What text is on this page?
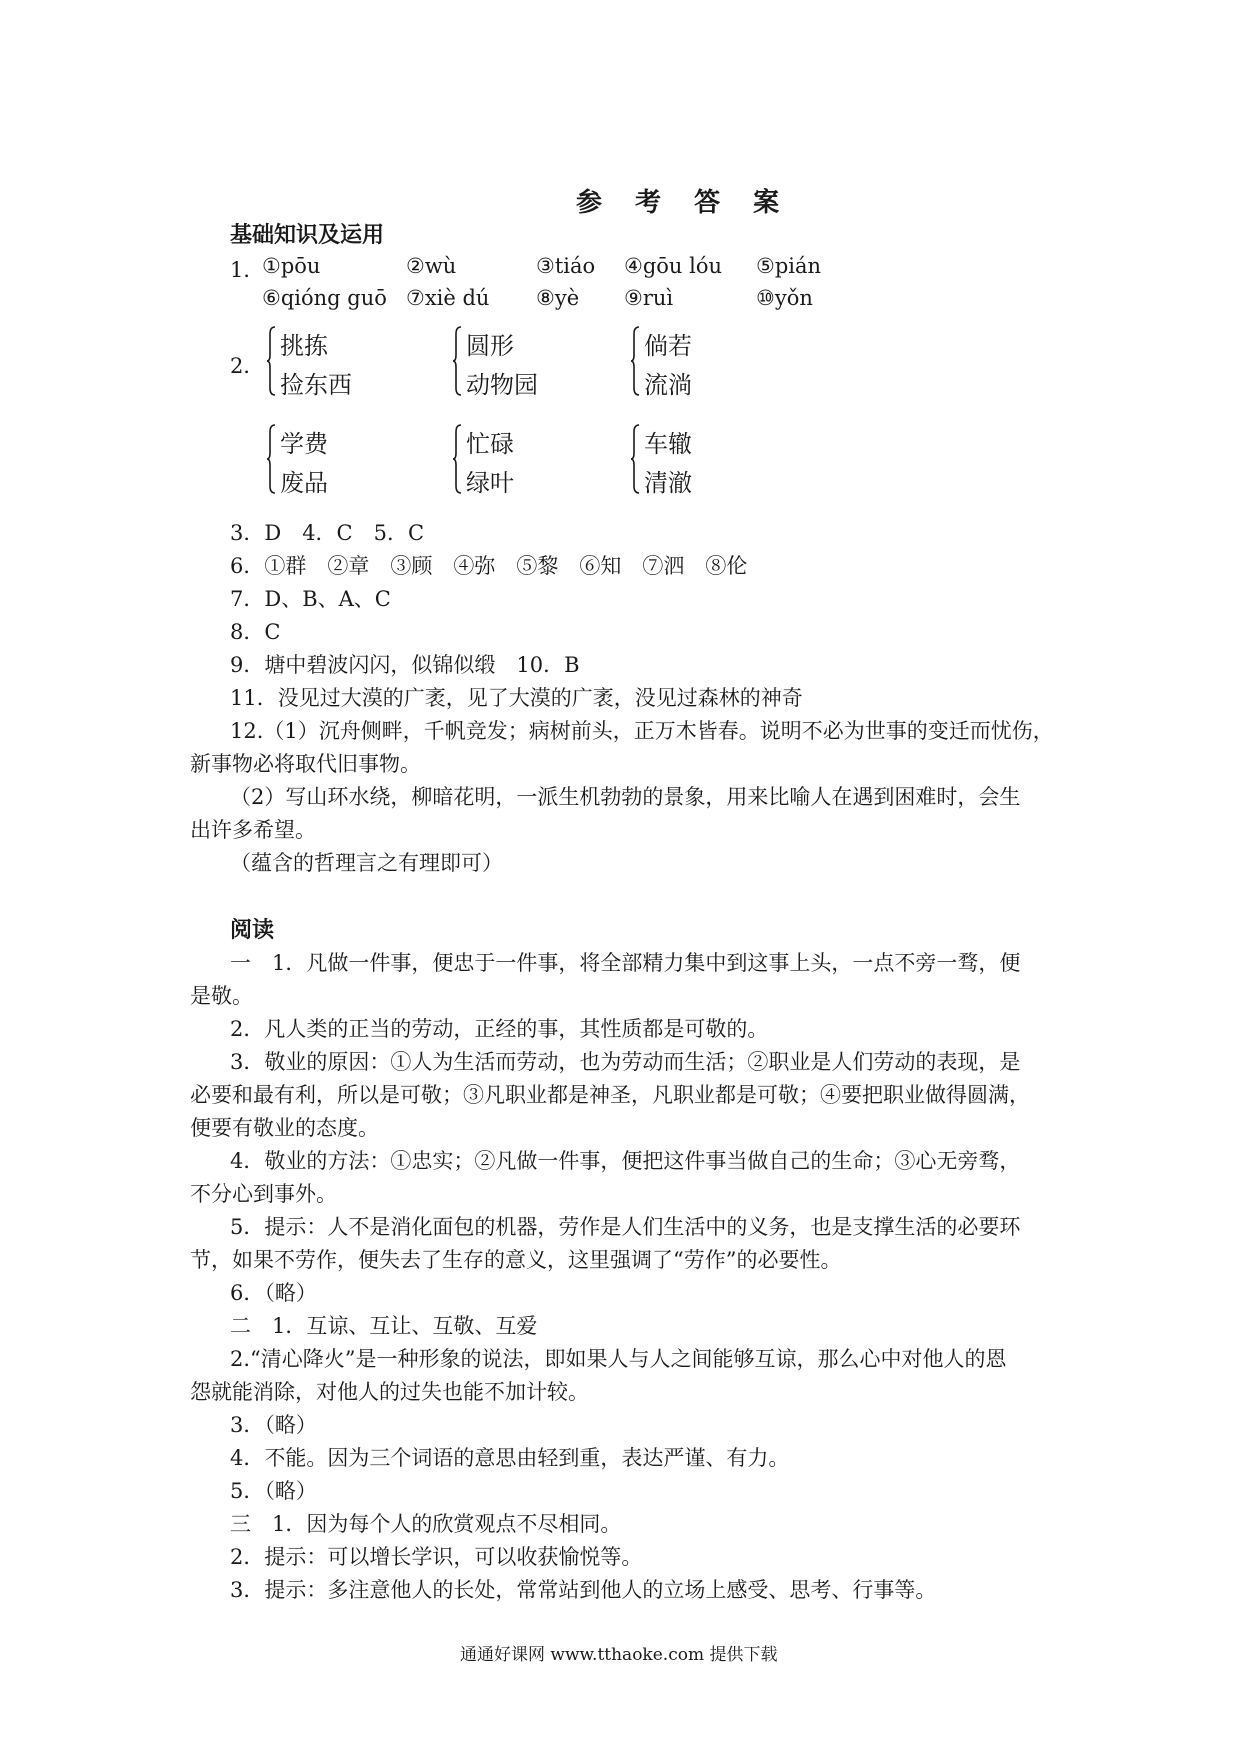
参 考 答 案
基础知识及运用
1．
①pōu	②wù	③tiáo ④gōu lóu ⑤pián
⑥qióng guō ⑦xiè dú ⑧yè ⑨ruì	⑩yǒn
2．
挑拣
捡东西
圆形
动物园
倘若
流淌
学费
废品
忙碌
绿叶
车辙
清澈
3．D　4．C　5．C
6．①群　②章　③顾　④弥　⑤黎　⑥知　⑦泗　⑧伦
7．D、B、A、C
8．C
9．塘中碧波闪闪，似锦似缎　10．B
11．没见过大漠的广袤，见了大漠的广袤，没见过森林的神奇
12.（1）沉舟侧畔，千帆竞发；病树前头，正万木皆春。说明不必为世事的变迁而忧伤，
新事物必将取代旧事物。
（2）写山环水绕，柳暗花明，一派生机勃勃的景象，用来比喻人在遇到困难时，会生
出许多希望。
（蕴含的哲理言之有理即可）
阅读
一　1．凡做一件事，便忠于一件事，将全部精力集中到这事上头，一点不旁一骛，便
是敬。
2．凡人类的正当的劳动，正经的事，其性质都是可敬的。
3．敬业的原因：①人为生活而劳动，也为劳动而生活；②职业是人们劳动的表现，是
必要和最有利，所以是可敬；③凡职业都是神圣，凡职业都是可敬；④要把职业做得圆满，
便要有敬业的态度。
4．敬业的方法：①忠实；②凡做一件事，便把这件事当做自己的生命；③心无旁骛，
不分心到事外。
5．提示：人不是消化面包的机器，劳作是人们生活中的义务，也是支撑生活的必要环
节，如果不劳作，便失去了生存的意义，这里强调了“劳作”的必要性。
6．（略）
二　1．互谅、互让、互敬、互爱
2.“清心降火”是一种形象的说法，即如果人与人之间能够互谅，那么心中对他人的恩
怨就能消除，对他人的过失也能不加计较。
3．（略）
4．不能。因为三个词语的意思由轻到重，表达严谨、有力。
5．（略）
三　1．因为每个人的欣赏观点不尽相同。
2．提示：可以增长学识，可以收获愉悦等。
3．提示：多注意他人的长处，常常站到他人的立场上感受、思考、行事等。
通通好课网 www.tthaoke.com 提供下载
